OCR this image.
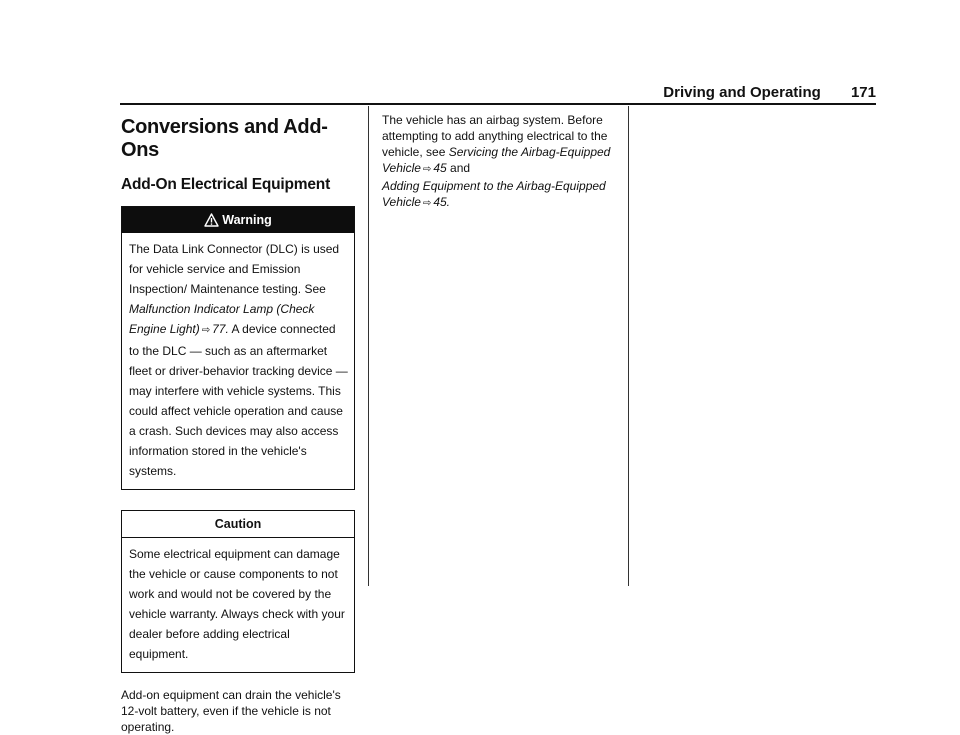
Driving and Operating 171
Conversions and Add-Ons
Add-On Electrical Equipment
Warning
The Data Link Connector (DLC) is used for vehicle service and Emission Inspection/ Maintenance testing. See Malfunction Indicator Lamp (Check Engine Light) ⇨ 77. A device connected to the DLC — such as an aftermarket fleet or driver-behavior tracking device — may interfere with vehicle systems. This could affect vehicle operation and cause a crash. Such devices may also access information stored in the vehicle's systems.
Caution
Some electrical equipment can damage the vehicle or cause components to not work and would not be covered by the vehicle warranty. Always check with your dealer before adding electrical equipment.

Add-on equipment can drain the vehicle's 12-volt battery, even if the vehicle is not operating.

The vehicle has an airbag system. Before attempting to add anything electrical to the vehicle, see Servicing the Airbag-Equipped Vehicle ⇨ 45 and
Adding Equipment to the Airbag-Equipped Vehicle ⇨ 45.
